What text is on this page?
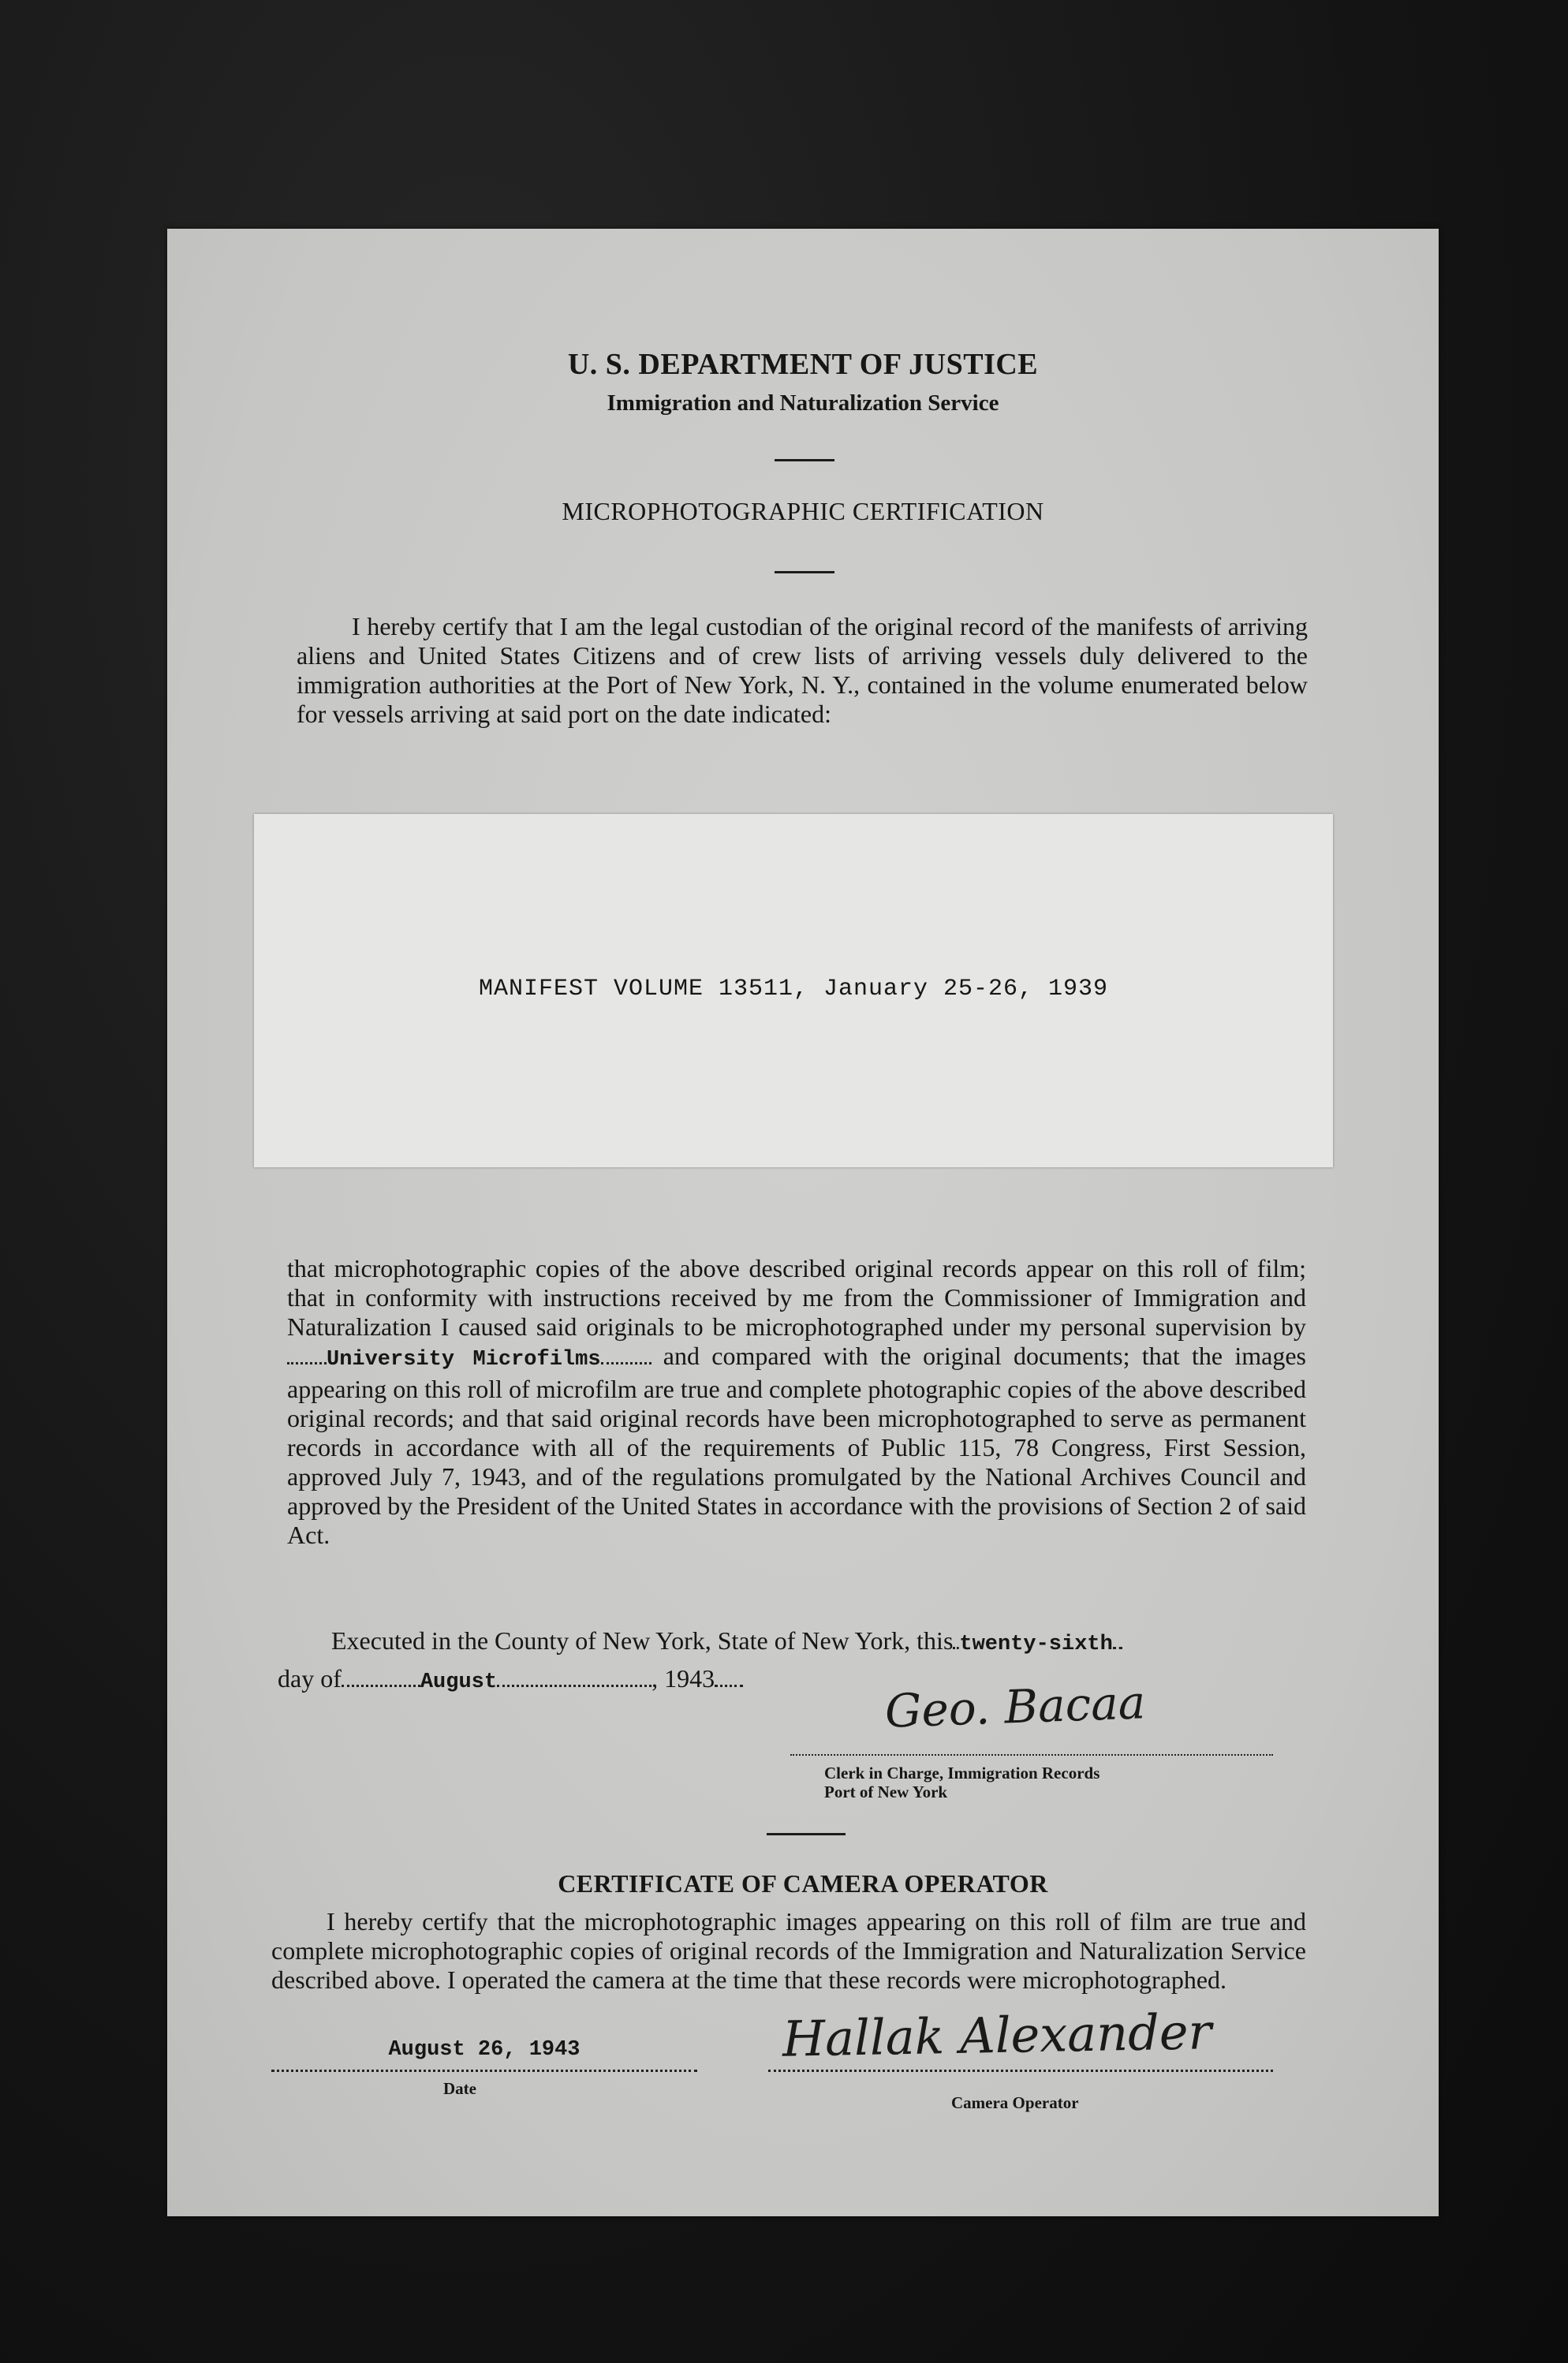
U. S. DEPARTMENT OF JUSTICE
Immigration and Naturalization Service
MICROPHOTOGRAPHIC CERTIFICATION

I hereby certify that I am the legal custodian of the original record of the manifests of arriving aliens and United States Citizens and of crew lists of arriving vessels duly delivered to the immigration authorities at the Port of New York, N. Y., contained in the volume enumerated below for vessels arriving at said port on the date indicated:

MANIFEST VOLUME 13511, January 25-26, 1939

that microphotographic copies of the above described original records appear on this roll of film; that in conformity with instructions received by me from the Commissioner of Immigration and Naturalization I caused said originals to be microphotographed under my personal supervision byUniversity Microfilms and compared with the original documents; that the images appearing on this roll of microfilm are true and complete photographic copies of the above described original records; and that said original records have been microphotographed to serve as permanent records in accordance with all of the requirements of Public 115, 78 Congress, First Session, approved July 7, 1943, and of the regulations promulgated by the National Archives Council and approved by the President of the United States in accordance with the provisions of Section 2 of said Act.

Executed in the County of New York, State of New York, this twenty-sixth
day of	August	, 1943	Geo. Bacaa
Clerk in Charge, Immigration Records
Port of New York
CERTIFICATE OF CAMERA OPERATOR

I hereby certify that the microphotographic images appearing on this roll of film are true and complete microphotographic copies of original records of the Immigration and Naturalization Service described above. I operated the camera at the time that these records were microphotographed.

August 26, 1943
Date
Hallak Alexander
Camera Operator
